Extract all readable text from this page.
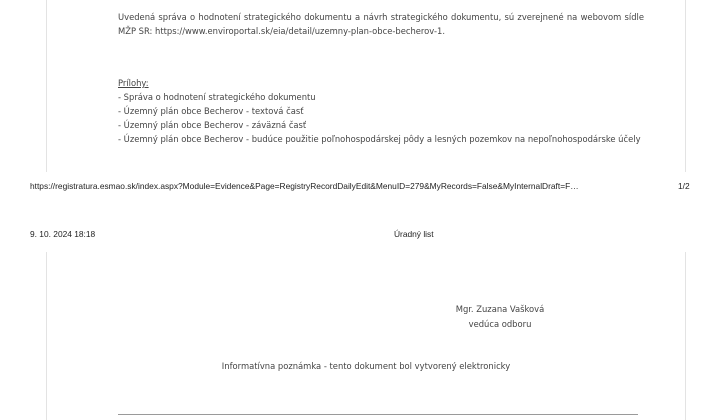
Uvedená správa o hodnotení strategického dokumentu a návrh strategického dokumentu, sú zverejnené na webovom sídle MŽP SR: https://www.enviroportal.sk/eia/detail/uzemny-plan-obce-becherov-1.

Prílohy:
- Správa o hodnotení strategického dokumentu
- Územný plán obce Becherov - textová časť
- Územný plán obce Becherov - záväzná časť
- Územný plán obce Becherov - budúce použitie poľnohospodárskej pôdy a lesných pozemkov na nepoľnohospodárske účely
https://registratura.esmao.sk/index.aspx?Module=Evidence&Page=RegistryRecordDailyEdit&MenuID=279&MyRecords=False&MyInternalDraft=F…	1/2
9. 10. 2024 18:18	Úradný list
Mgr. Zuzana Vašková
vedúca odboru
Informatívna poznámka - tento dokument bol vytvorený elektronicky
